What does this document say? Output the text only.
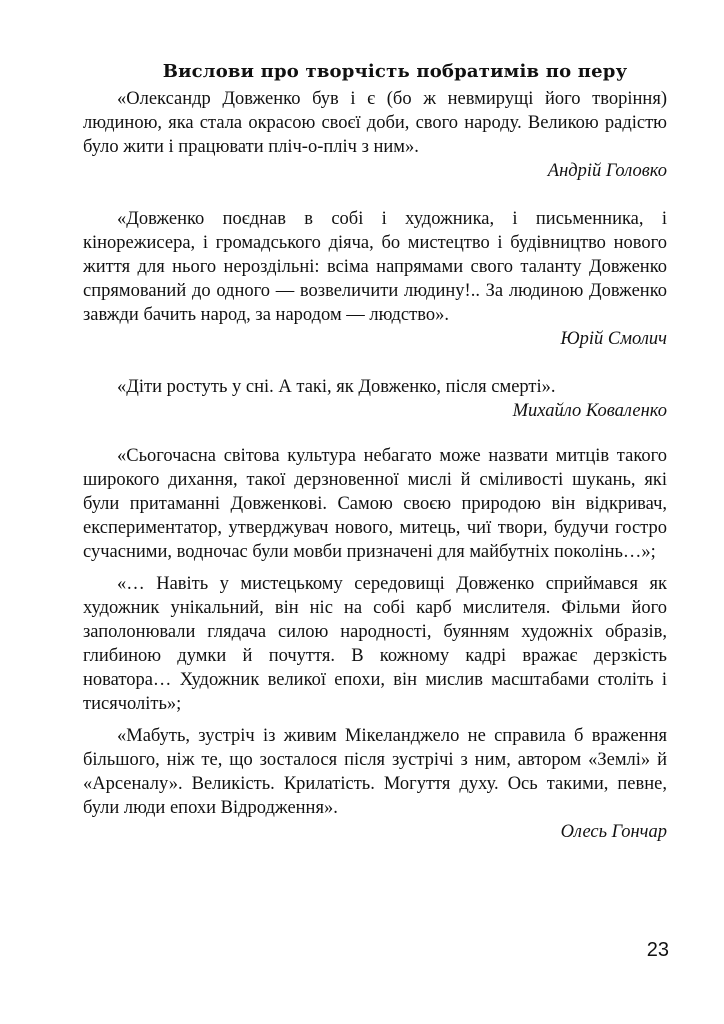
Вислови про творчість побратимів по перу

«Олександр Довженко був і є (бо ж невмирущі його творіння) людиною, яка стала окрасою своєї доби, свого народу. Великою радістю було жити і працювати пліч-о-пліч з ним».

Андрій Головко

«Довженко поєднав в собі і художника, і письменника, і кінорежисера, і громадського діяча, бо мистецтво і будівництво нового життя для нього нероздільні: всіма напрямами свого таланту Довженко спрямований до одного — возвеличити людину!.. За людиною Довженко завжди бачить народ, за народом — людство».

Юрій Смолич

«Діти ростуть у сні. А такі, як Довженко, після смерті».

Михайло Коваленко

«Сьогочасна світова культура небагато може назвати митців такого широкого дихання, такої дерзновенної мислі й сміливості шукань, які були притаманні Довженкові. Самою своєю природою він відкривач, експериментатор, утверджувач нового, митець, чиї твори, будучи гостро сучасними, водночас були мовби призначені для майбутніх поколінь…»;

«… Навіть у мистецькому середовищі Довженко сприймався як художник унікальний, він ніс на собі карб мислителя. Фільми його заполонювали глядача силою народності, буянням художніх образів, глибиною думки й почуття. В кожному кадрі вражає дерзкість новатора… Художник великої епохи, він мислив масштабами століть і тисячоліть»;

«Мабуть, зустріч із живим Мікеланджело не справила б враження більшого, ніж те, що зосталося після зустрічі з ним, автором «Землі» й «Арсеналу». Великість. Крилатість. Могуття духу. Ось такими, певне, були люди епохи Відродження».

Олесь Гончар

23
